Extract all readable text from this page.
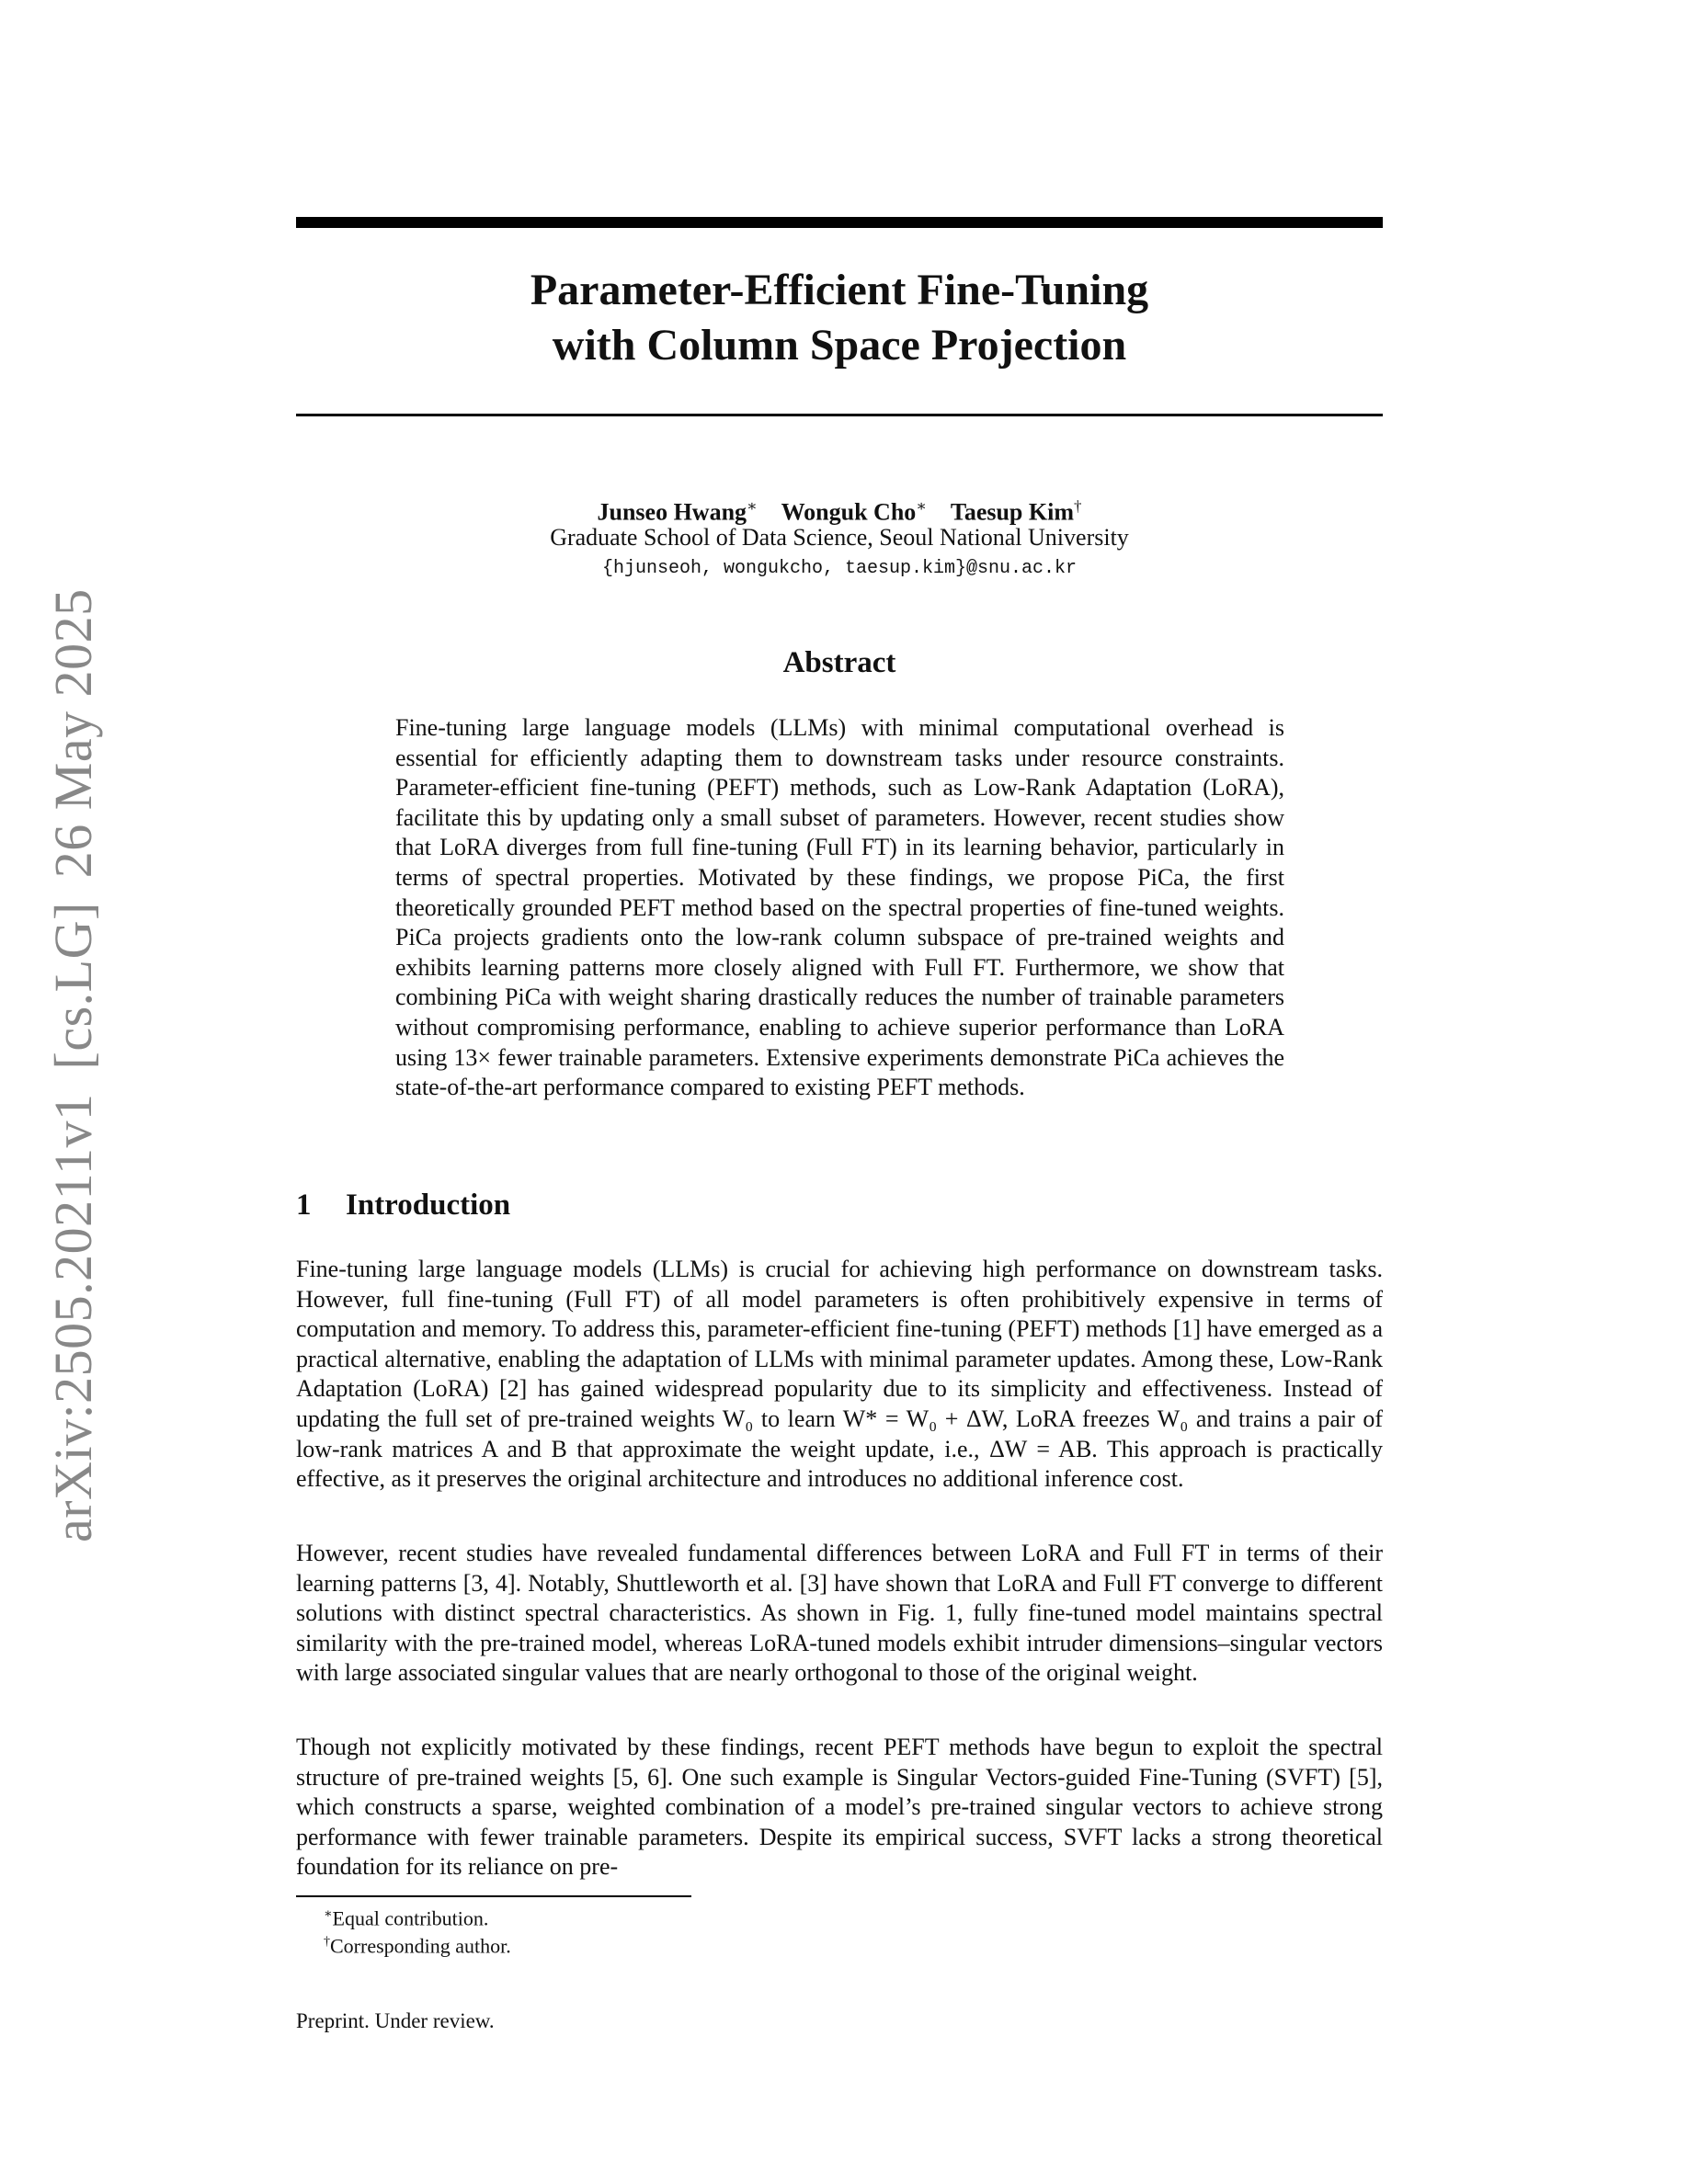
arXiv:2505.20211v1[cs.LG]26 May 2025
Parameter-Efficient Fine-Tuning
with Column Space Projection
Junseo Hwang∗ Wonguk Cho∗ Taesup Kim†
Graduate School of Data Science, Seoul National University
{hjunseoh, wongukcho, taesup.kim}@snu.ac.kr
Abstract
Fine-tuning large language models (LLMs) with minimal computational overhead is essential for efficiently adapting them to downstream tasks under resource constraints. Parameter-efficient fine-tuning (PEFT) methods, such as Low-Rank Adaptation (LoRA), facilitate this by updating only a small subset of parameters. However, recent studies show that LoRA diverges from full fine-tuning (Full FT) in its learning behavior, particularly in terms of spectral properties. Motivated by these findings, we propose PiCa, the first theoretically grounded PEFT method based on the spectral properties of fine-tuned weights. PiCa projects gradients onto the low-rank column subspace of pre-trained weights and exhibits learning patterns more closely aligned with Full FT. Furthermore, we show that combining PiCa with weight sharing drastically reduces the number of trainable parameters without compromising performance, enabling to achieve superior performance than LoRA using 13× fewer trainable parameters. Extensive experiments demonstrate PiCa achieves the state-of-the-art performance compared to existing PEFT methods.
1 Introduction
Fine-tuning large language models (LLMs) is crucial for achieving high performance on downstream tasks. However, full fine-tuning (Full FT) of all model parameters is often prohibitively expensive in terms of computation and memory. To address this, parameter-efficient fine-tuning (PEFT) methods [1] have emerged as a practical alternative, enabling the adaptation of LLMs with minimal parameter updates. Among these, Low-Rank Adaptation (LoRA) [2] has gained widespread popularity due to its simplicity and effectiveness. Instead of updating the full set of pre-trained weights W₀ to learn W* = W₀ + ΔW, LoRA freezes W₀ and trains a pair of low-rank matrices A and B that approximate the weight update, i.e., ΔW = AB. This approach is practically effective, as it preserves the original architecture and introduces no additional inference cost.
However, recent studies have revealed fundamental differences between LoRA and Full FT in terms of their learning patterns [3, 4]. Notably, Shuttleworth et al. [3] have shown that LoRA and Full FT converge to different solutions with distinct spectral characteristics. As shown in Fig. 1, fully fine-tuned model maintains spectral similarity with the pre-trained model, whereas LoRA-tuned models exhibit intruder dimensions–singular vectors with large associated singular values that are nearly orthogonal to those of the original weight.
Though not explicitly motivated by these findings, recent PEFT methods have begun to exploit the spectral structure of pre-trained weights [5, 6]. One such example is Singular Vectors-guided Fine-Tuning (SVFT) [5], which constructs a sparse, weighted combination of a model’s pre-trained singular vectors to achieve strong performance with fewer trainable parameters. Despite its empirical success, SVFT lacks a strong theoretical foundation for its reliance on pre-
∗Equal contribution.
†Corresponding author.
Preprint. Under review.
